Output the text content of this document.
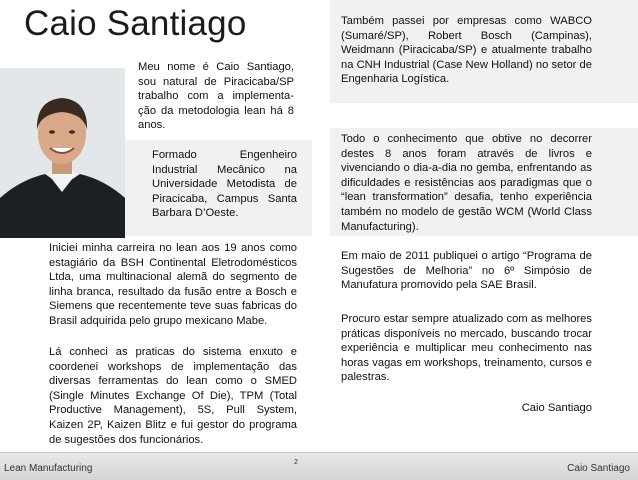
Caio Santiago
Meu nome é Caio Santiago, sou natural de Piracicaba/SP trabalho com a implementa-ção da metodologia lean há 8 anos.
Formado Engenheiro Industrial Mecânico na Universidade Metodista de Piracicaba, Campus Santa Barbara D’Oeste.
Iniciei minha carreira no lean aos 19 anos como estagiário da BSH Continental Eletrodomésticos Ltda, uma multinacional alemã do segmento de linha branca, resultado da fusão entre a Bosch e Siemens que recentemente teve suas fabricas do Brasil adquirida pelo grupo mexicano Mabe.
Lá conheci as praticas do sistema enxuto e coordenei workshops de implementação das diversas ferramentas do lean como o SMED (Single Minutes Exchange Of Die), TPM (Total Productive Management), 5S, Pull System, Kaizen 2P, Kaizen Blitz e fui gestor do programa de sugestões dos funcionários.
Também passei por empresas como WABCO (Sumaré/SP), Robert Bosch (Campinas), Weidmann (Piracicaba/SP) e atualmente trabalho na CNH Industrial (Case New Holland) no setor de Engenharia Logística.
Todo o conhecimento que obtive no decorrer destes 8 anos foram através de livros e vivenciando o dia-a-dia no gemba, enfrentando as dificuldades e resistências aos paradigmas que o “lean transformation” desafia, tenho experiência também no modelo de gestão WCM (World Class Manufacturing).
Em maio de 2011 publiquei o artigo “Programa de Sugestões de Melhoria” no 6º Simpósio de Manufatura promovido pela SAE Brasil.
Procuro estar sempre atualizado com as melhores práticas disponíveis no mercado, buscando trocar experiência e multiplicar meu conhecimento nas horas vagas em workshops, treinamento, cursos e palestras.
Caio Santiago
Lean Manufacturing
2
Caio Santiago
